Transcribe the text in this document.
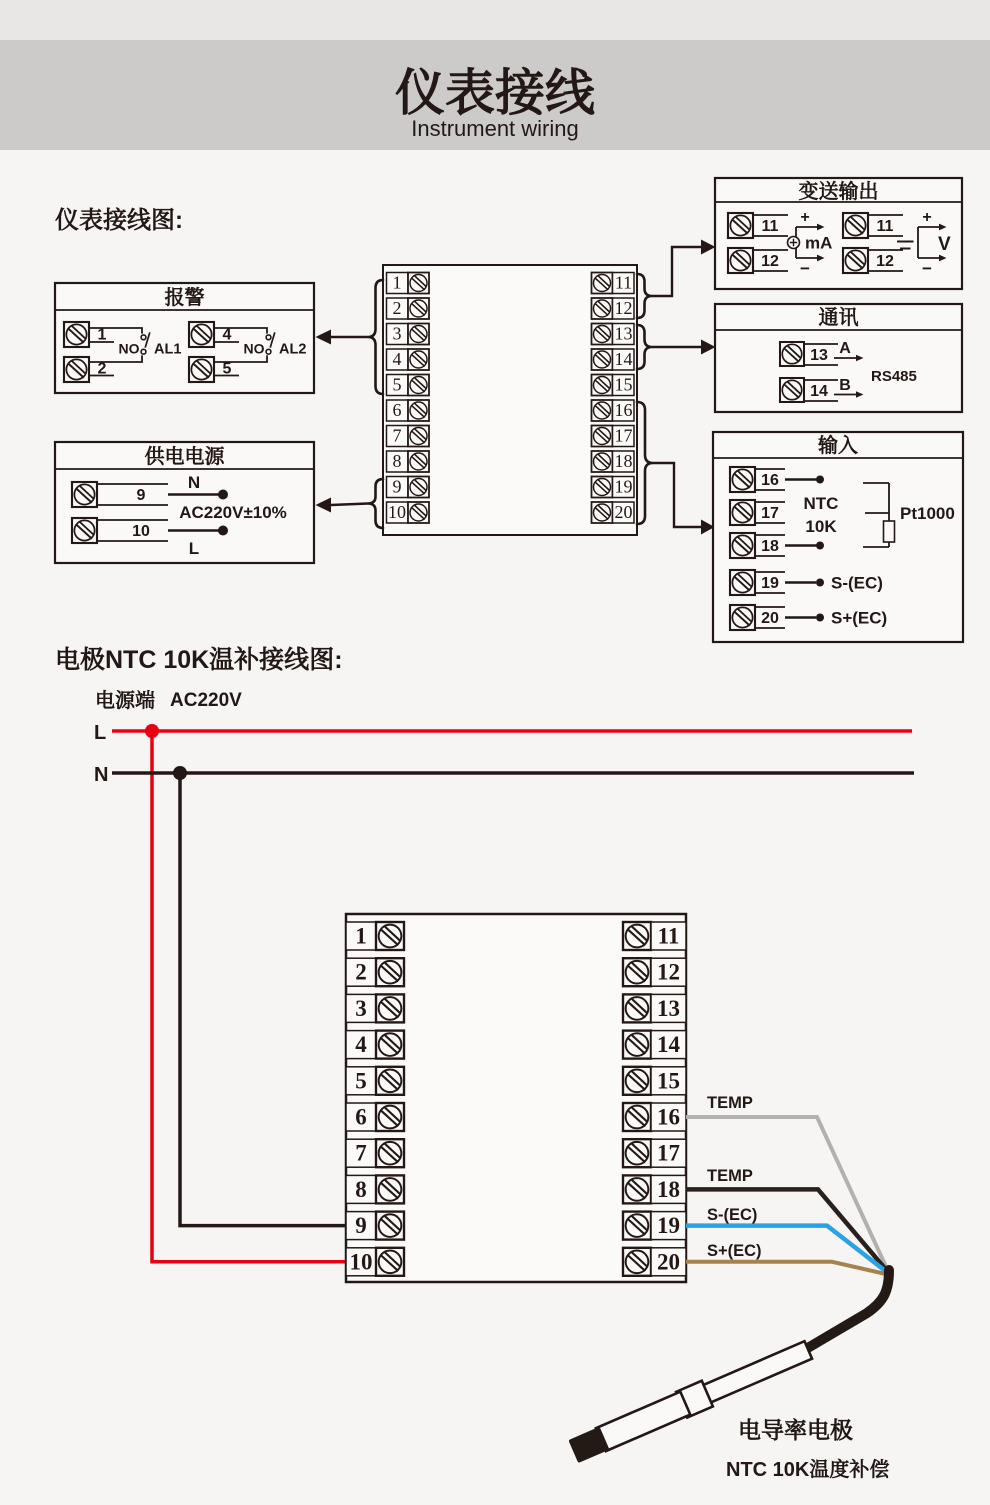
仪表接线
Instrument wiring
仪表接线图:
报警
1
2
NO AL1
4
5
NO AL2
供电电源
9
10
N
L
AC220V±10%
1
2
3
4
5
6
7
8
9
10
11
12
13
14
15
16
17
18
19
20
变送输出
11
12
+
−
mA
11
12
+
−
V
通讯
13
14
A
B
RS485
输入
16
17
18
19
20
NTC
10K
S-(EC)
S+(EC)
Pt1000
电极NTC 10K温补接线图:
电源端 AC220V
L
N
1
2
3
4
5
6
7
8
9
10
11
12
13
14
15
16
17
18
19
20
TEMP
TEMP
S-(EC)
S+(EC)
电导率电极
NTC 10K温度补偿
